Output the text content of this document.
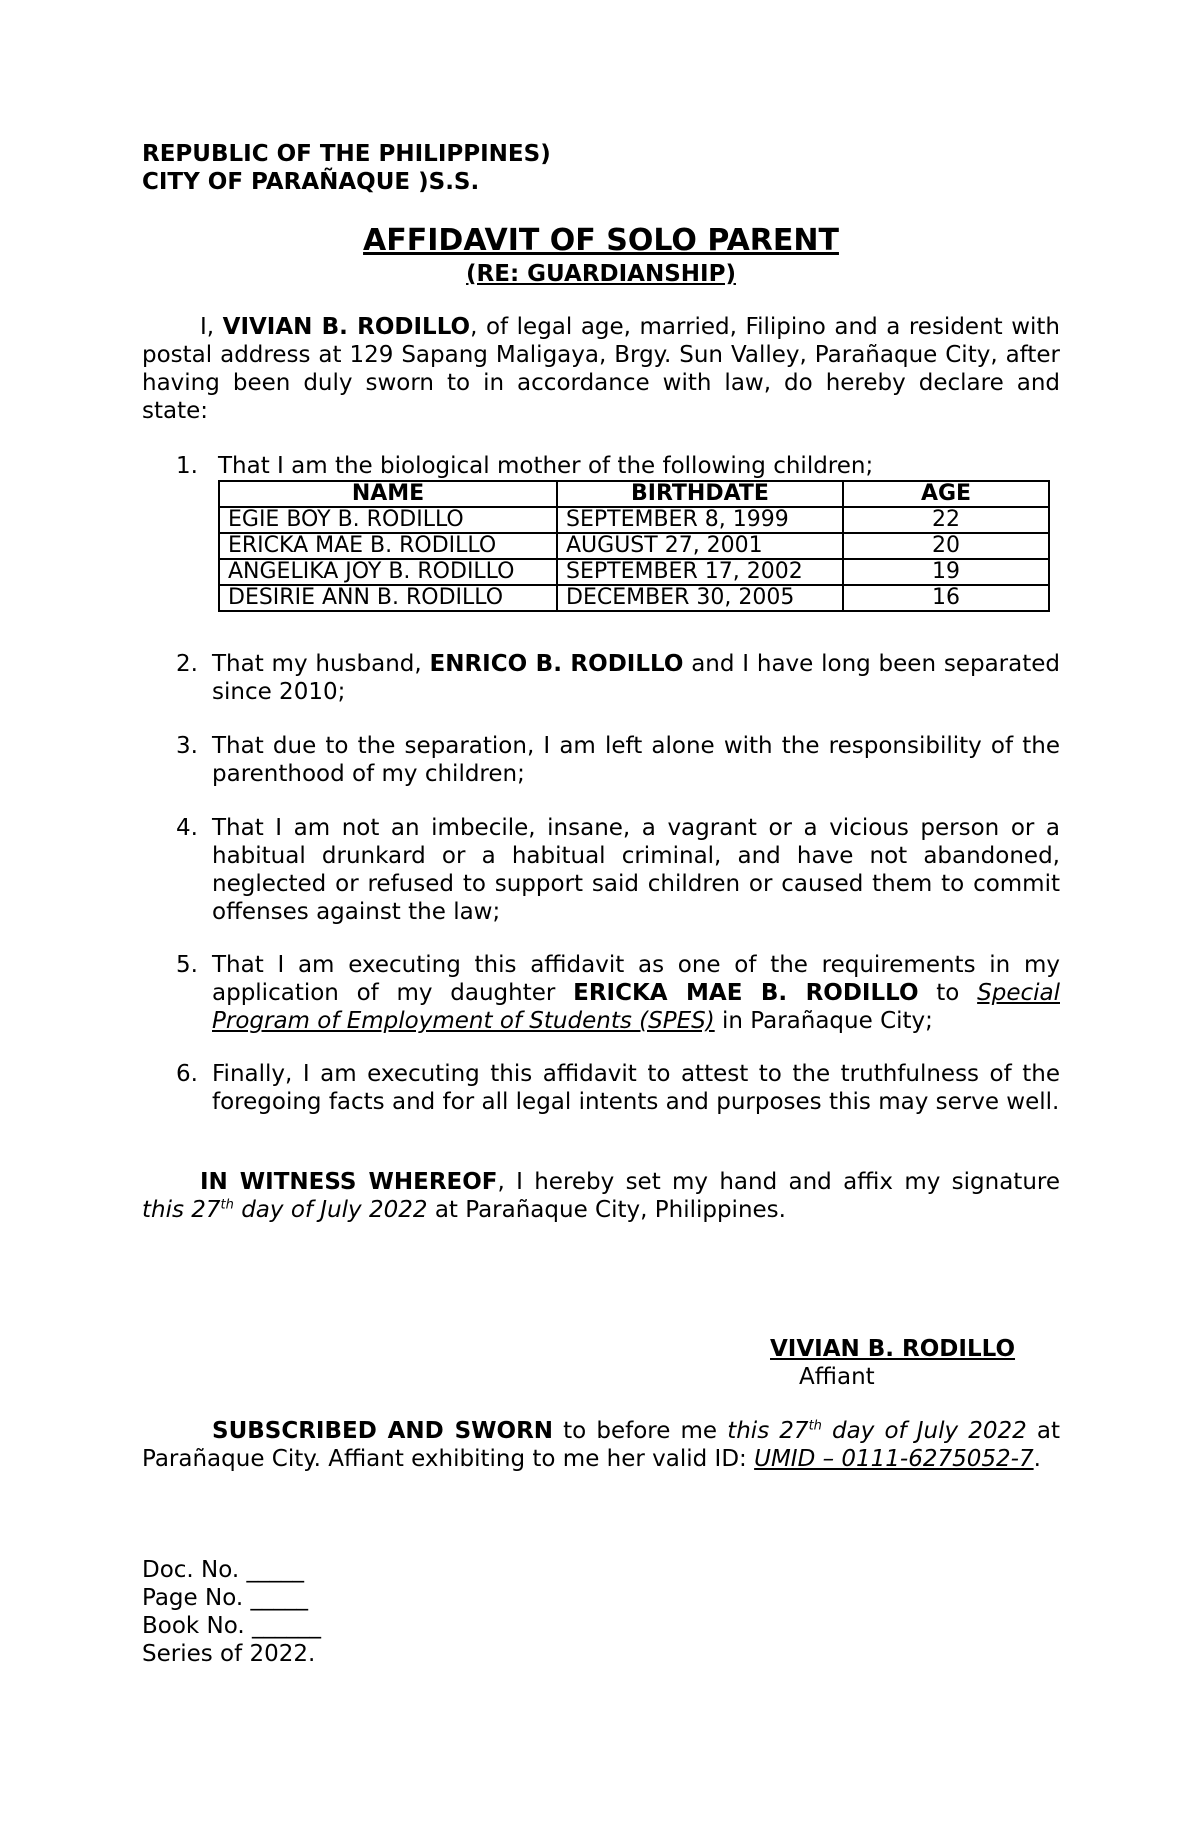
REPUBLIC OF THE PHILIPPINES)
CITY OF PARAÑAQUE )S.S.
AFFIDAVIT OF SOLO PARENT
(RE: GUARDIANSHIP)
I, VIVIAN B. RODILLO, of legal age, married, Filipino and a resident with postal address at 129 Sapang Maligaya, Brgy. Sun Valley, Parañaque City, after having been duly sworn to in accordance with law, do hereby declare and state:
1. That I am the biological mother of the following children;
NAME	BIRTHDATE	AGE
EGIE BOY B. RODILLO	SEPTEMBER 8, 1999	22
ERICKA MAE B. RODILLO	AUGUST 27, 2001	20
ANGELIKA JOY B. RODILLO	SEPTEMBER 17, 2002	19
DESIRIE ANN B. RODILLO	DECEMBER 30, 2005	16
2. That my husband, ENRICO B. RODILLO and I have long been separated since 2010;
3. That due to the separation, I am left alone with the responsibility of the parenthood of my children;
4. That I am not an imbecile, insane, a vagrant or a vicious person or a habitual drunkard or a habitual criminal, and have not abandoned, neglected or refused to support said children or caused them to commit offenses against the law;
5. That I am executing this affidavit as one of the requirements in my application of my daughter ERICKA MAE B. RODILLO to Special Program of Employment of Students (SPES) in Parañaque City;
6. Finally, I am executing this affidavit to attest to the truthfulness of the foregoing facts and for all legal intents and purposes this may serve well.
IN WITNESS WHEREOF, I hereby set my hand and affix my signature this 27th day of July 2022 at Parañaque City, Philippines.
VIVIAN B. RODILLO
Affiant
SUBSCRIBED AND SWORN to before me this 27th day of July 2022 at Parañaque City. Affiant exhibiting to me her valid ID: UMID – 0111-6275052-7.
Doc. No. _____
Page No. _____
Book No. ______
Series of 2022.
